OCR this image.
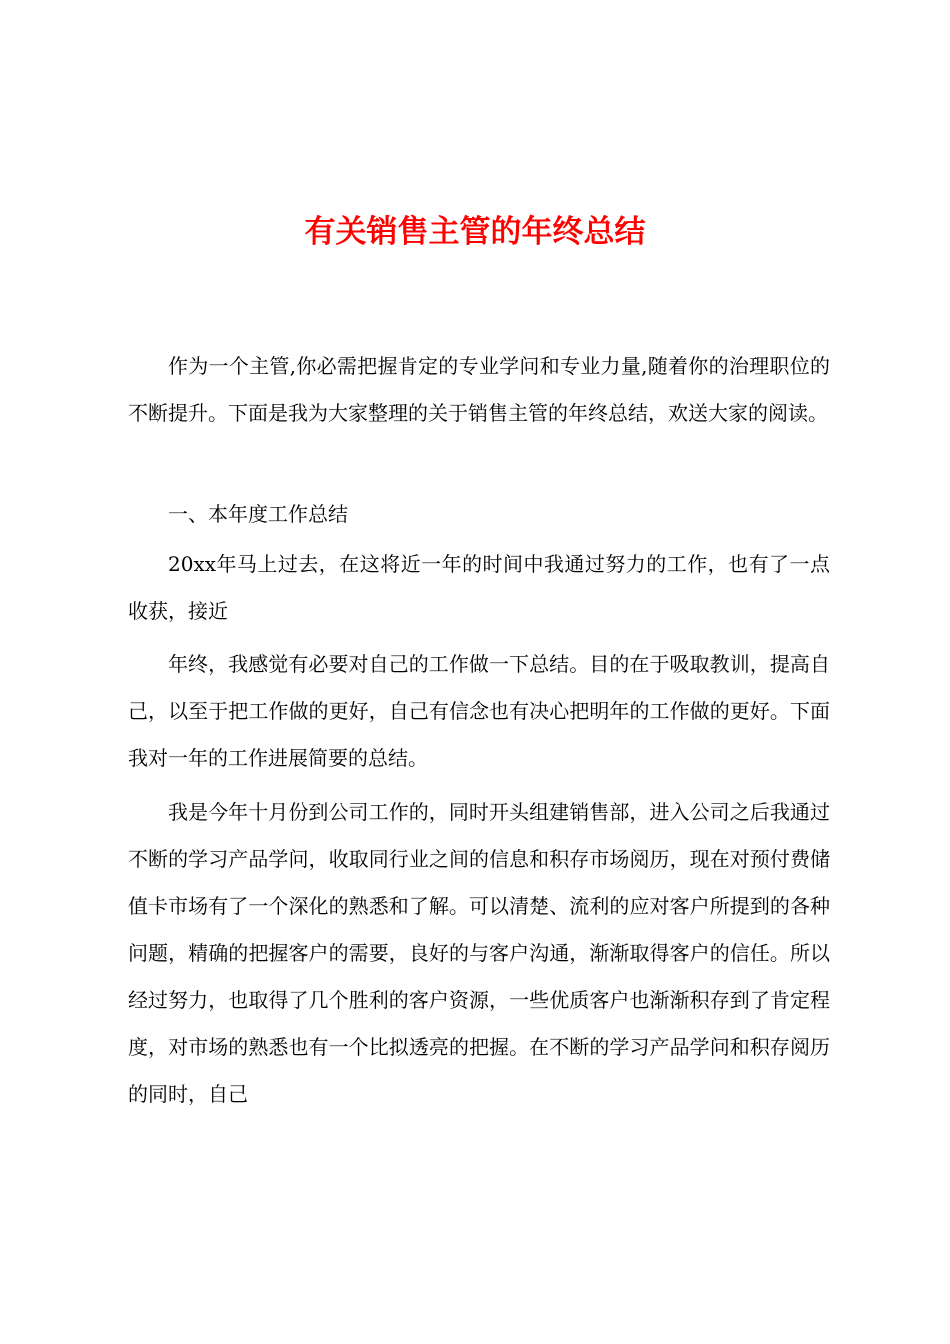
有关销售主管的年终总结

作为一个主管,你必需把握肯定的专业学问和专业力量,随着你的治理职位的不断提升。下面是我为大家整理的关于销售主管的年终总结，欢送大家的阅读。

一、本年度工作总结

20xx年马上过去，在这将近一年的时间中我通过努力的工作，也有了一点收获，接近

年终，我感觉有必要对自己的工作做一下总结。目的在于吸取教训，提高自己，以至于把工作做的更好，自己有信念也有决心把明年的工作做的更好。下面我对一年的工作进展简要的总结。

我是今年十月份到公司工作的，同时开头组建销售部，进入公司之后我通过不断的学习产品学问，收取同行业之间的信息和积存市场阅历，现在对预付费储值卡市场有了一个深化的熟悉和了解。可以清楚、流利的应对客户所提到的各种问题，精确的把握客户的需要，良好的与客户沟通，渐渐取得客户的信任。所以经过努力，也取得了几个胜利的客户资源，一些优质客户也渐渐积存到了肯定程度，对市场的熟悉也有一个比拟透亮的把握。在不断的学习产品学问和积存阅历的同时，自己
